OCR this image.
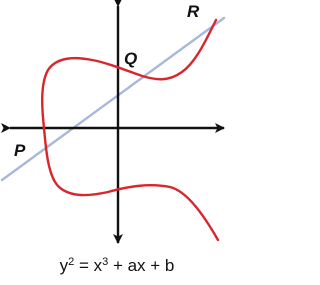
P
Q
R
$y^2 = x^3$ + ax + b
